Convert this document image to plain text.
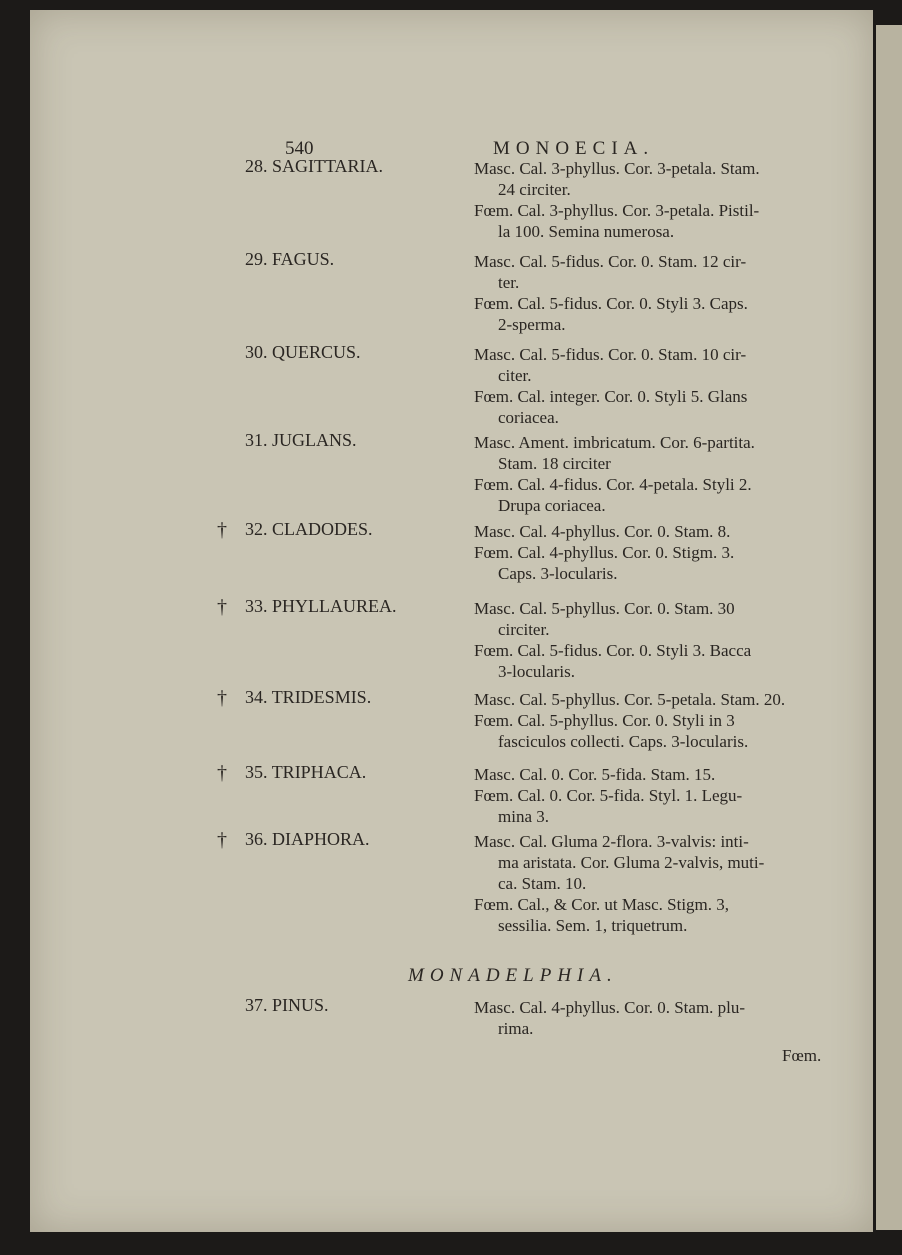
540	MONOECIA.
28. SAGITTARIA.	Masc. Cal. 3-phyllus. Cor. 3-petala. Stam.
24 circiter.
Fœm. Cal. 3-phyllus. Cor. 3-petala. Pistil-
la 100. Semina numerosa.
29. FAGUS.	Masc. Cal. 5-fidus. Cor. 0. Stam. 12 cir-
ter.
Fœm. Cal. 5-fidus. Cor. 0. Styli 3. Caps.
2-sperma.
30. QUERCUS.	Masc. Cal. 5-fidus. Cor. 0. Stam. 10 cir-
citer.
Fœm. Cal. integer. Cor. 0. Styli 5. Glans
coriacea.
31. JUGLANS.	Masc. Ament. imbricatum. Cor. 6-partita.
Stam. 18 circiter
Fœm. Cal. 4-fidus. Cor. 4-petala. Styli 2.
Drupa coriacea.
† 32. CLADODES.	Masc. Cal. 4-phyllus. Cor. 0. Stam. 8.
Fœm. Cal. 4-phyllus. Cor. 0. Stigm. 3.
Caps. 3-locularis.
† 33. PHYLLAUREA.	Masc. Cal. 5-phyllus. Cor. 0. Stam. 30
circiter.
Fœm. Cal. 5-fidus. Cor. 0. Styli 3. Bacca
3-locularis.
† 34. TRIDESMIS.	Masc. Cal. 5-phyllus. Cor. 5-petala. Stam. 20.
Fœm. Cal. 5-phyllus. Cor. 0. Styli in 3
fasciculos collecti. Caps. 3-locularis.
† 35. TRIPHACA.	Masc. Cal. 0. Cor. 5-fida. Stam. 15.
Fœm. Cal. 0. Cor. 5-fida. Styl. 1. Legu-
mina 3.
† 36. DIAPHORA.	Masc. Cal. Gluma 2-flora. 3-valvis: inti-
ma aristata. Cor. Gluma 2-valvis, muti-
ca. Stam. 10.
Fœm. Cal., & Cor. ut Masc. Stigm. 3,
sessilia. Sem. 1, triquetrum.
37. PINUS.	Masc. Cal. 4-phyllus. Cor. 0. Stam. plu-
rima.
MONADELPHIA.
Fœm.
